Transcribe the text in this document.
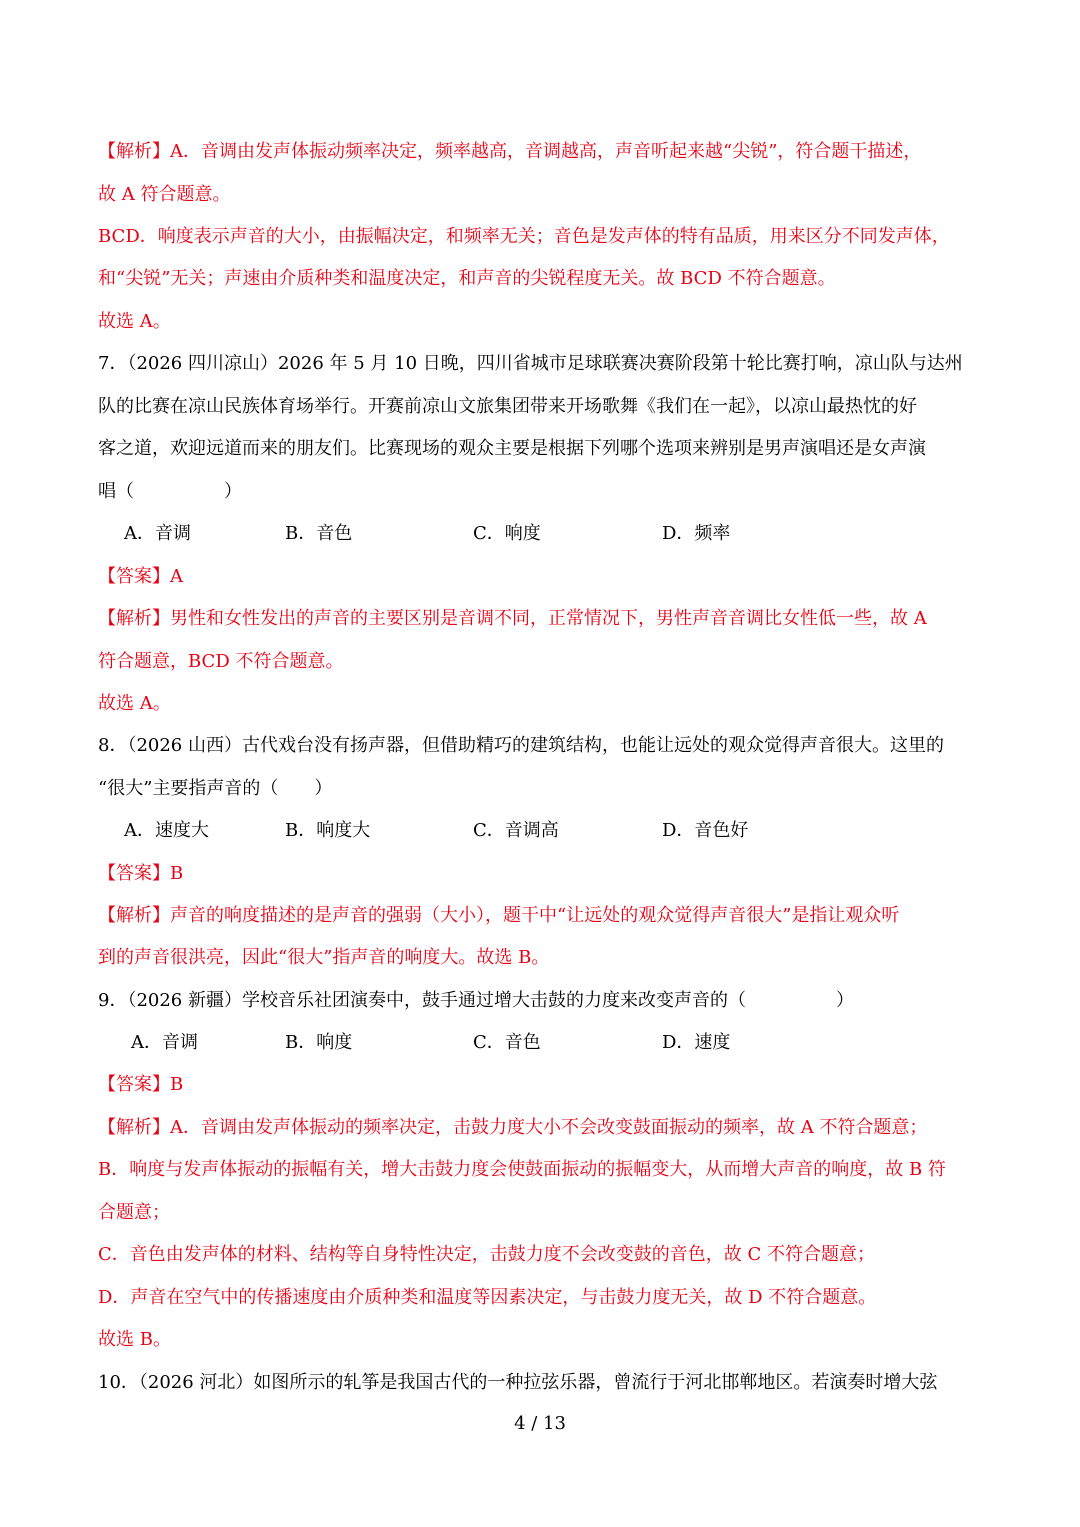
【解析】A．音调由发声体振动频率决定，频率越高，音调越高，声音听起来越“尖锐”，符合题干描述，
故 A 符合题意。
BCD．响度表示声音的大小，由振幅决定，和频率无关；音色是发声体的特有品质，用来区分不同发声体，
和“尖锐”无关；声速由介质种类和温度决定，和声音的尖锐程度无关。故 BCD 不符合题意。
故选 A。
7．（2026 四川凉山）2026 年 5 月 10 日晚，四川省城市足球联赛决赛阶段第十轮比赛打响，凉山队与达州
队的比赛在凉山民族体育场举行。开赛前凉山文旅集团带来开场歌舞《我们在一起》，以凉山最热忱的好
客之道，欢迎远道而来的朋友们。比赛现场的观众主要是根据下列哪个选项来辨别是男声演唱还是女声演
唱（　　　　　）
A．音调	B．音色	C．响度	D．频率
【答案】A
【解析】男性和女性发出的声音的主要区别是音调不同，正常情况下，男性声音音调比女性低一些，故 A
符合题意，BCD 不符合题意。
故选 A。
8．（2026 山西）古代戏台没有扬声器，但借助精巧的建筑结构，也能让远处的观众觉得声音很大。这里的
“很大”主要指声音的（　　）
A．速度大	B．响度大	C．音调高	D．音色好
【答案】B
【解析】声音的响度描述的是声音的强弱（大小），题干中“让远处的观众觉得声音很大”是指让观众听
到的声音很洪亮，因此“很大”指声音的响度大。故选 B。
9．（2026 新疆）学校音乐社团演奏中，鼓手通过增大击鼓的力度来改变声音的（　　　　　）
A．音调	B．响度	C．音色	D．速度
【答案】B
【解析】A．音调由发声体振动的频率决定，击鼓力度大小不会改变鼓面振动的频率，故 A 不符合题意；
B．响度与发声体振动的振幅有关，增大击鼓力度会使鼓面振动的振幅变大，从而增大声音的响度，故 B 符
合题意；
C．音色由发声体的材料、结构等自身特性决定，击鼓力度不会改变鼓的音色，故 C 不符合题意；
D．声音在空气中的传播速度由介质种类和温度等因素决定，与击鼓力度无关，故 D 不符合题意。
故选 B。
10．（2026 河北）如图所示的轧筝是我国古代的一种拉弦乐器，曾流行于河北邯郸地区。若演奏时增大弦
4 / 13
